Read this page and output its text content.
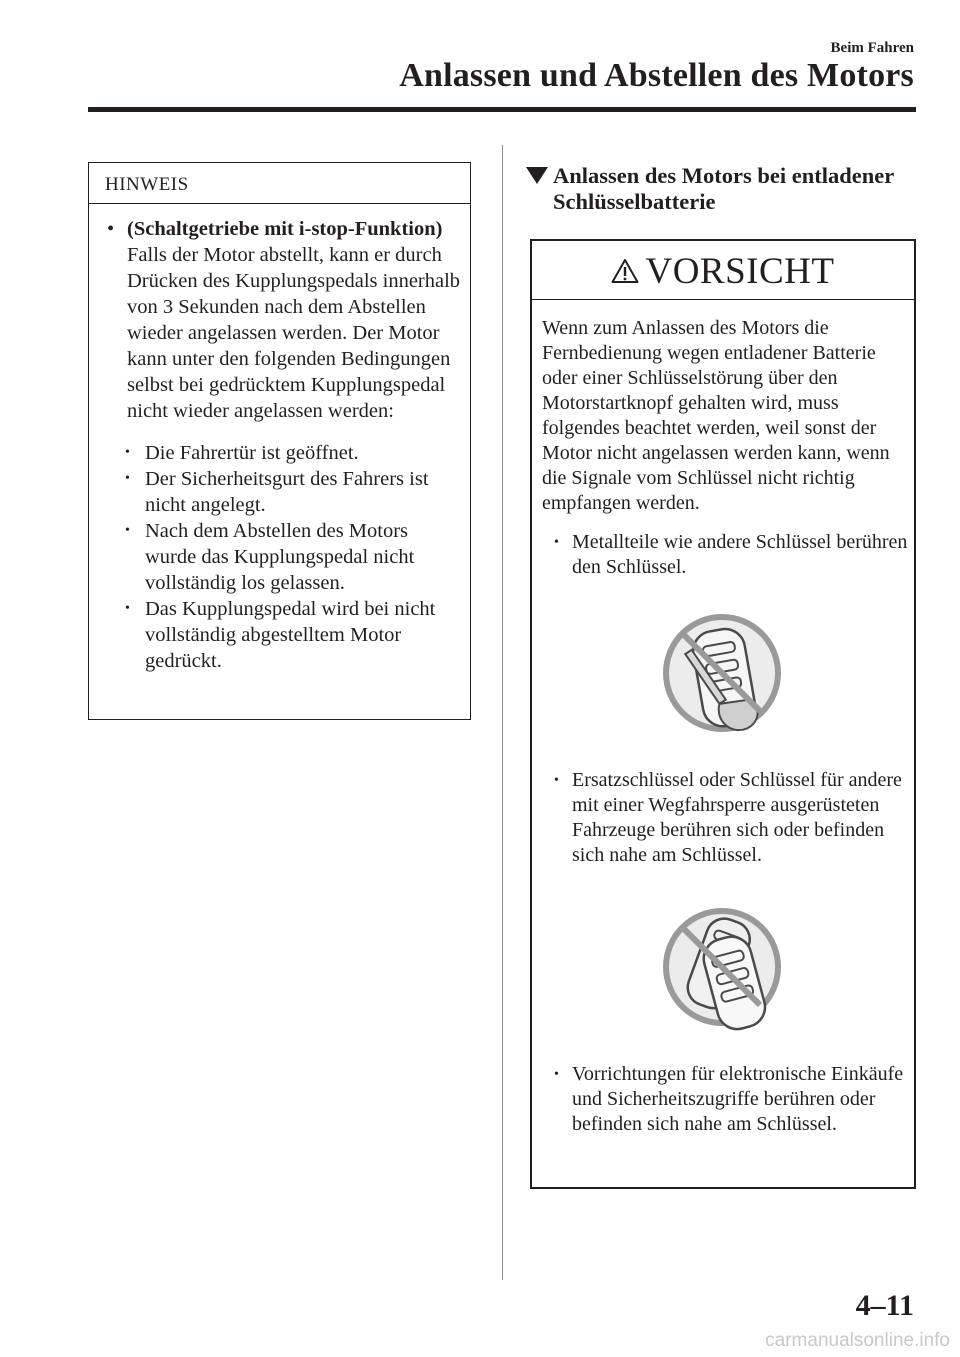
Beim Fahren
Anlassen und Abstellen des Motors
HINWEIS
• (Schaltgetriebe mit i-stop-Funktion)
Falls der Motor abstellt, kann er durch Drücken des Kupplungspedals innerhalb von 3 Sekunden nach dem Abstellen wieder angelassen werden. Der Motor kann unter den folgenden Bedingungen selbst bei gedrücktem Kupplungspedal nicht wieder angelassen werden:
• Die Fahrertür ist geöffnet.
• Der Sicherheitsgurt des Fahrers ist nicht angelegt.
• Nach dem Abstellen des Motors wurde das Kupplungspedal nicht vollständig los gelassen.
• Das Kupplungspedal wird bei nicht vollständig abgestelltem Motor gedrückt.
Anlassen des Motors bei entladener Schlüsselbatterie
VORSICHT
Wenn zum Anlassen des Motors die Fernbedienung wegen entladener Batterie oder einer Schlüsselstörung über den Motorstartknopf gehalten wird, muss folgendes beachtet werden, weil sonst der Motor nicht angelassen werden kann, wenn die Signale vom Schlüssel nicht richtig empfangen werden.
• Metallteile wie andere Schlüssel berühren den Schlüssel.
• Ersatzschlüssel oder Schlüssel für andere mit einer Wegfahrsperre ausgerüsteten Fahrzeuge berühren sich oder befinden sich nahe am Schlüssel.
• Vorrichtungen für elektronische Einkäufe und Sicherheitszugriffe berühren oder befinden sich nahe am Schlüssel.
4–11
carmanualsonline.info
